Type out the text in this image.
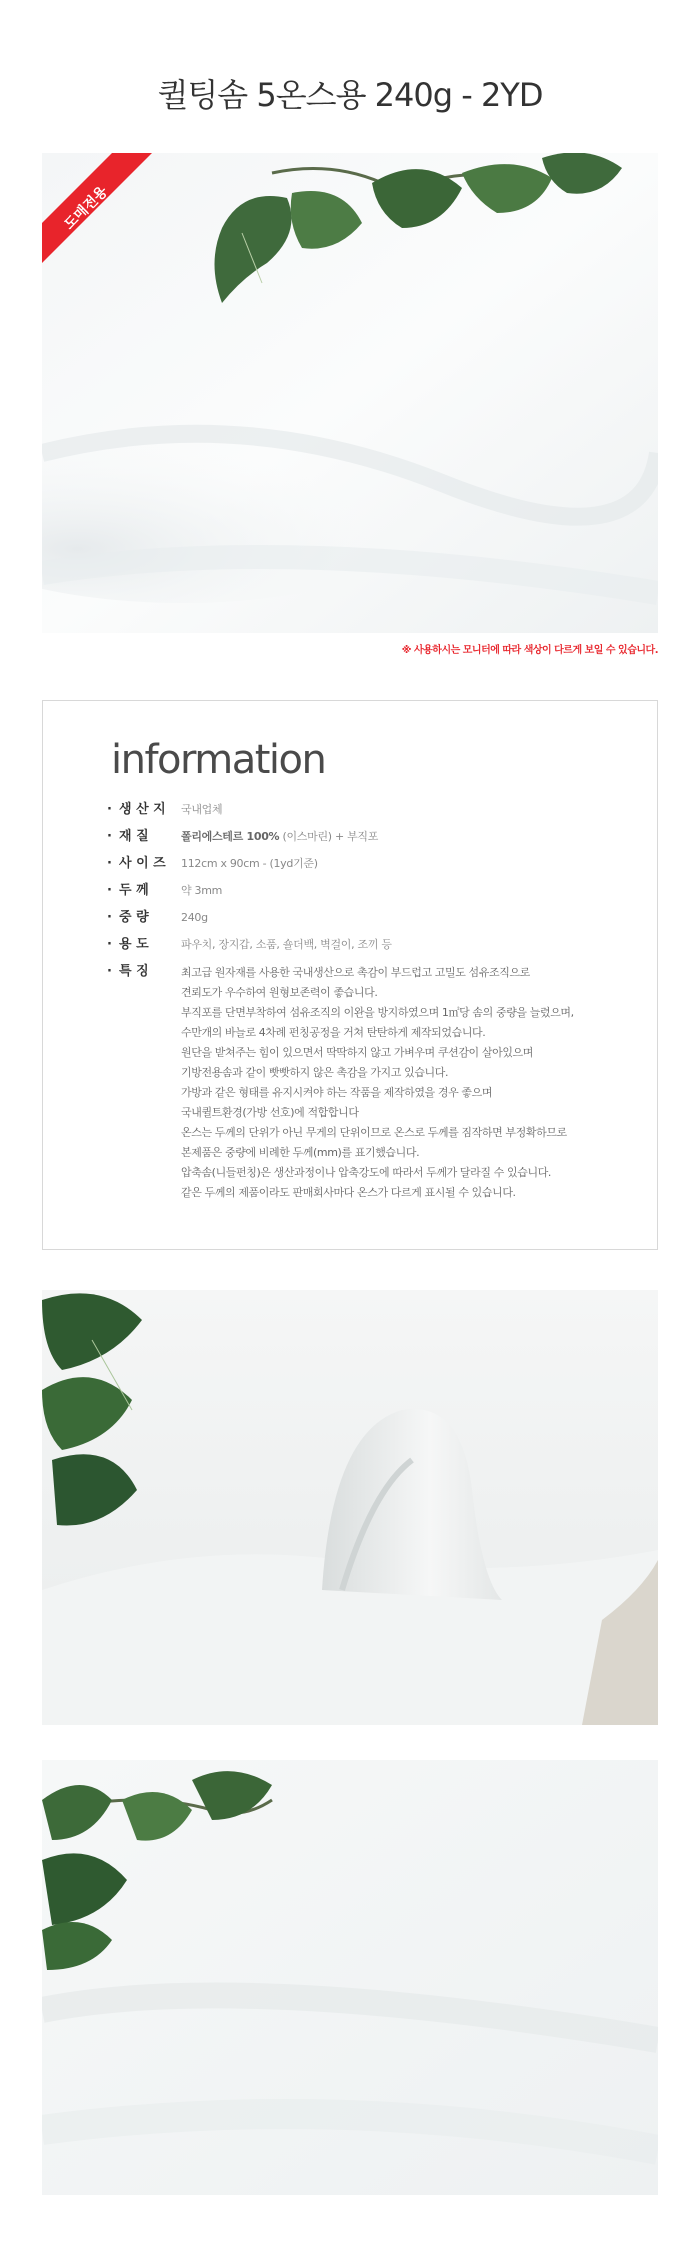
퀼팅솜 5온스용 240g - 2YD
도매전용
※ 사용하시는 모니터에 따라 색상이 다르게 보일 수 있습니다.
information
· 생 산 지	국내업체
· 재 질	폴리에스테르 100% (이스마린) + 부직포
· 사 이 즈	112cm x 90cm - (1yd기준)
· 두 께	약 3mm
· 중 량	240g
· 용 도	파우치, 장지갑, 소품, 숄더백, 벽걸이, 조끼 등
· 특 징	최고급 원자재를 사용한 국내생산으로 촉감이 부드럽고 고밀도 섬유조직으로
견뢰도가 우수하여 원형보존력이 좋습니다.
부직포를 단면부착하여 섬유조직의 이완을 방지하였으며 1㎡당 솜의 중량을 늘렸으며,
수만개의 바늘로 4차례 펀칭공정을 거쳐 탄탄하게 제작되었습니다.
원단을 받쳐주는 힘이 있으면서 딱딱하지 않고 가벼우며 쿠션감이 살아있으며
기방전용솜과 같이 빳빳하지 않은 촉감을 가지고 있습니다.
가방과 같은 형태를 유지시켜야 하는 작품을 제작하였을 경우 좋으며
국내퀼트환경(가방 선호)에 적합합니다
온스는 두께의 단위가 아닌 무게의 단위이므로 온스로 두께를 짐작하면 부정확하므로
본제품은 중량에 비례한 두께(mm)를 표기했습니다.
압축솜(니들펀칭)은 생산과정이나 압축강도에 따라서 두께가 달라질 수 있습니다.
같은 두께의 제품이라도 판매회사마다 온스가 다르게 표시될 수 있습니다.
